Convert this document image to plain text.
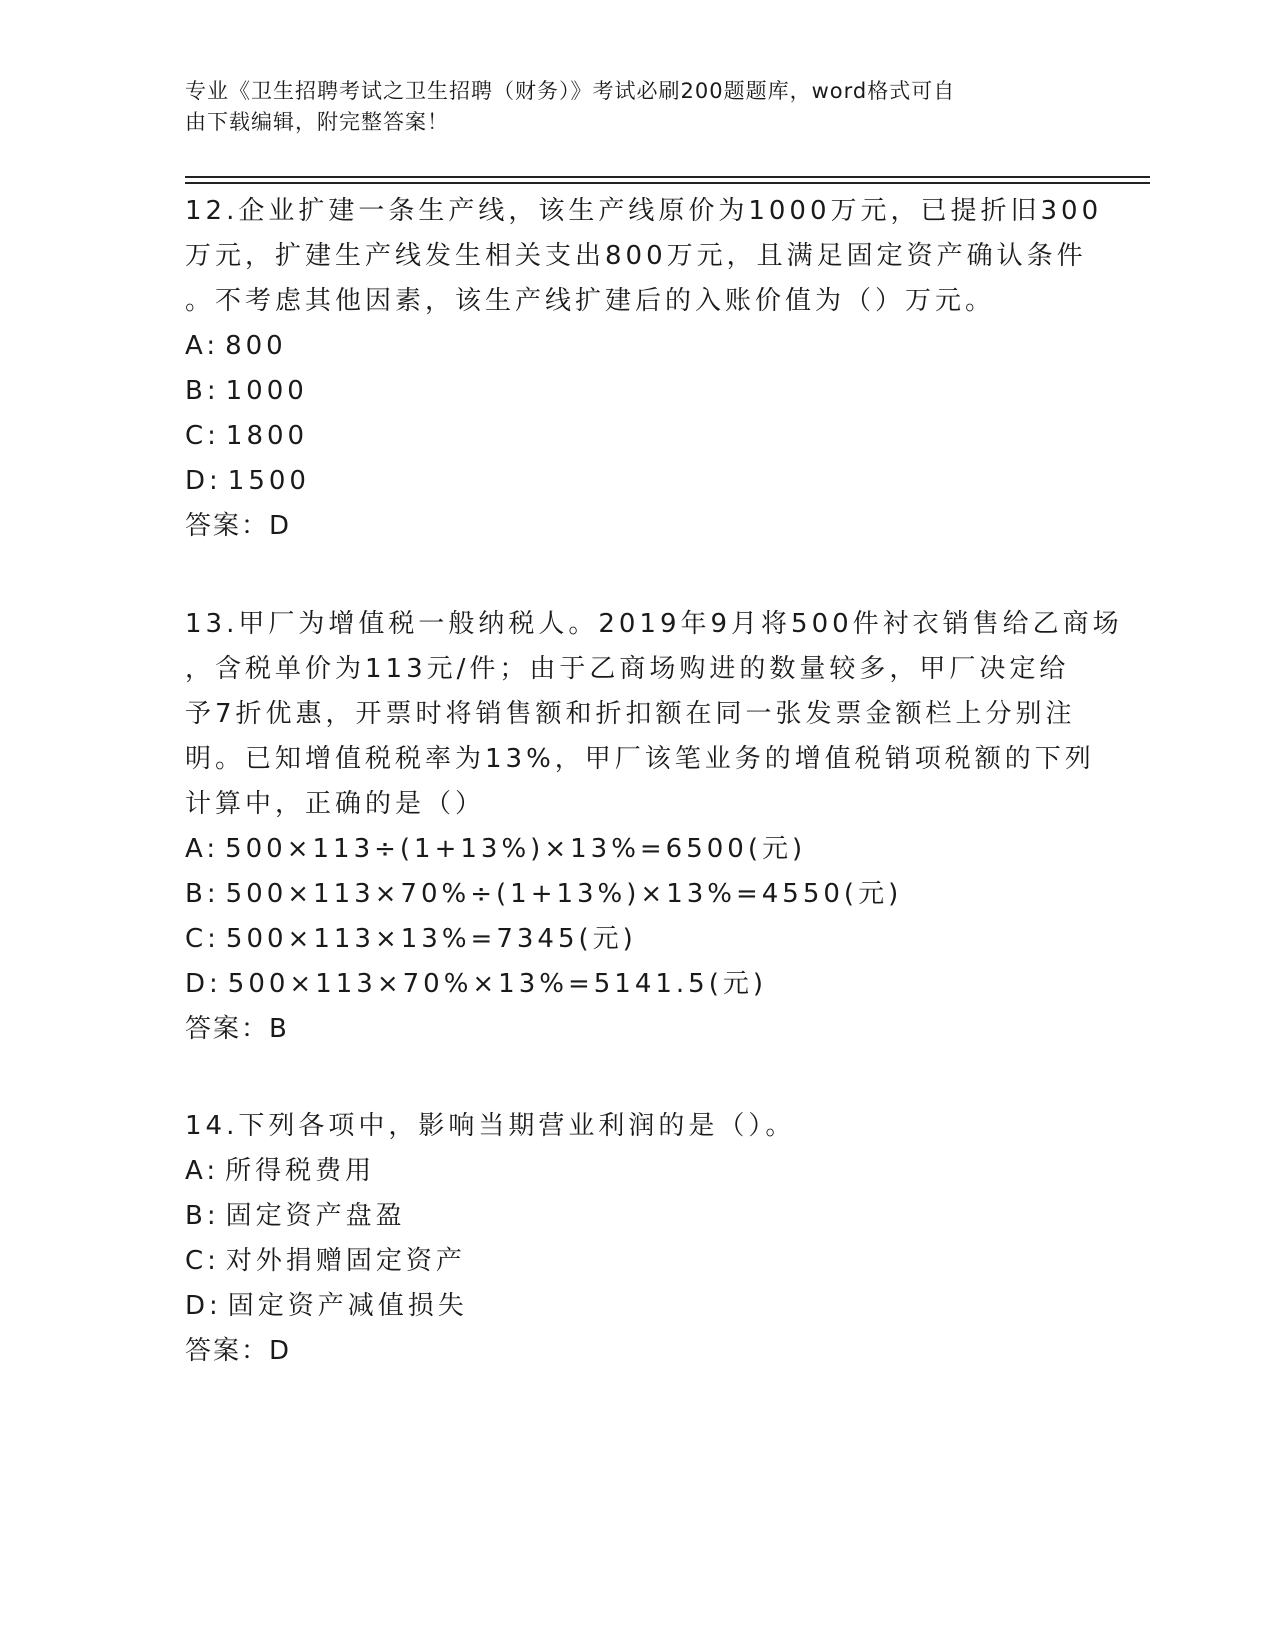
专业《卫生招聘考试之卫生招聘（财务）》考试必刷200题题库，word格式可自
由下载编辑，附完整答案！
12.企业扩建一条生产线，该生产线原价为1000万元，已提折旧300
万元，扩建生产线发生相关支出800万元，且满足固定资产确认条件
。不考虑其他因素，该生产线扩建后的入账价值为（）万元。
A: 800
B: 1000
C: 1800
D: 1500
答案：D
13.甲厂为增值税一般纳税人。2019年9月将500件衬衣销售给乙商场
，含税单价为113元/件；由于乙商场购进的数量较多，甲厂决定给
予7折优惠，开票时将销售额和折扣额在同一张发票金额栏上分别注
明。已知增值税税率为13%，甲厂该笔业务的增值税销项税额的下列
计算中，正确的是（）
A: 500×113÷(1+13%)×13%=6500(元)
B: 500×113×70%÷(1+13%)×13%=4550(元)
C: 500×113×13%=7345(元)
D: 500×113×70%×13%=5141.5(元)
答案：B
14.下列各项中，影响当期营业利润的是（）。
A: 所得税费用
B: 固定资产盘盈
C: 对外捐赠固定资产
D: 固定资产减值损失
答案：D
